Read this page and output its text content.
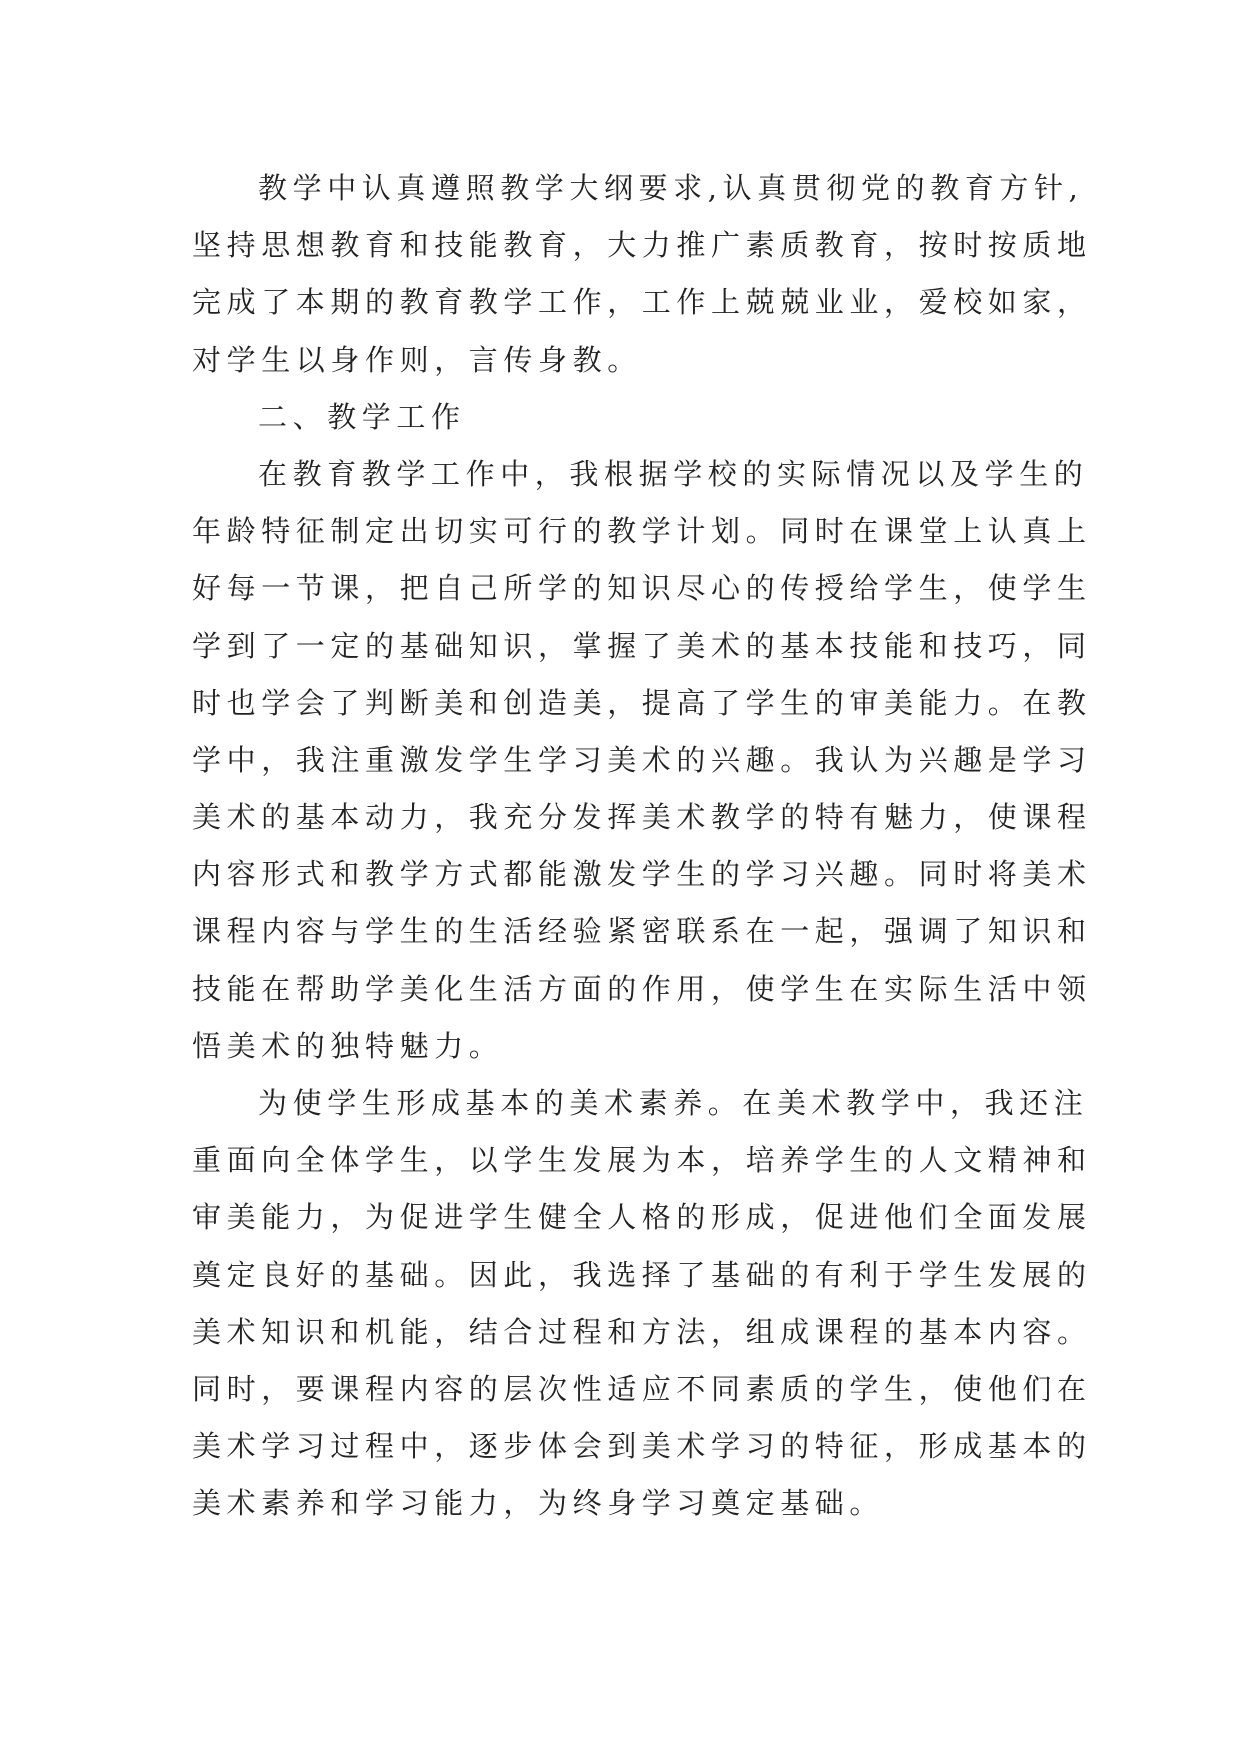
教学中认真遵照教学大纲要求,认真贯彻党的教育方针,
坚持思想教育和技能教育，大力推广素质教育，按时按质地
完成了本期的教育教学工作，工作上兢兢业业，爱校如家，
对学生以身作则，言传身教。
二、教学工作
在教育教学工作中，我根据学校的实际情况以及学生的
年龄特征制定出切实可行的教学计划。同时在课堂上认真上
好每一节课，把自己所学的知识尽心的传授给学生，使学生
学到了一定的基础知识，掌握了美术的基本技能和技巧，同
时也学会了判断美和创造美，提高了学生的审美能力。在教
学中，我注重激发学生学习美术的兴趣。我认为兴趣是学习
美术的基本动力，我充分发挥美术教学的特有魅力，使课程
内容形式和教学方式都能激发学生的学习兴趣。同时将美术
课程内容与学生的生活经验紧密联系在一起，强调了知识和
技能在帮助学美化生活方面的作用，使学生在实际生活中领
悟美术的独特魅力。
为使学生形成基本的美术素养。在美术教学中，我还注
重面向全体学生，以学生发展为本，培养学生的人文精神和
审美能力，为促进学生健全人格的形成，促进他们全面发展
奠定良好的基础。因此，我选择了基础的有利于学生发展的
美术知识和机能，结合过程和方法，组成课程的基本内容。
同时，要课程内容的层次性适应不同素质的学生，使他们在
美术学习过程中，逐步体会到美术学习的特征，形成基本的
美术素养和学习能力，为终身学习奠定基础。
